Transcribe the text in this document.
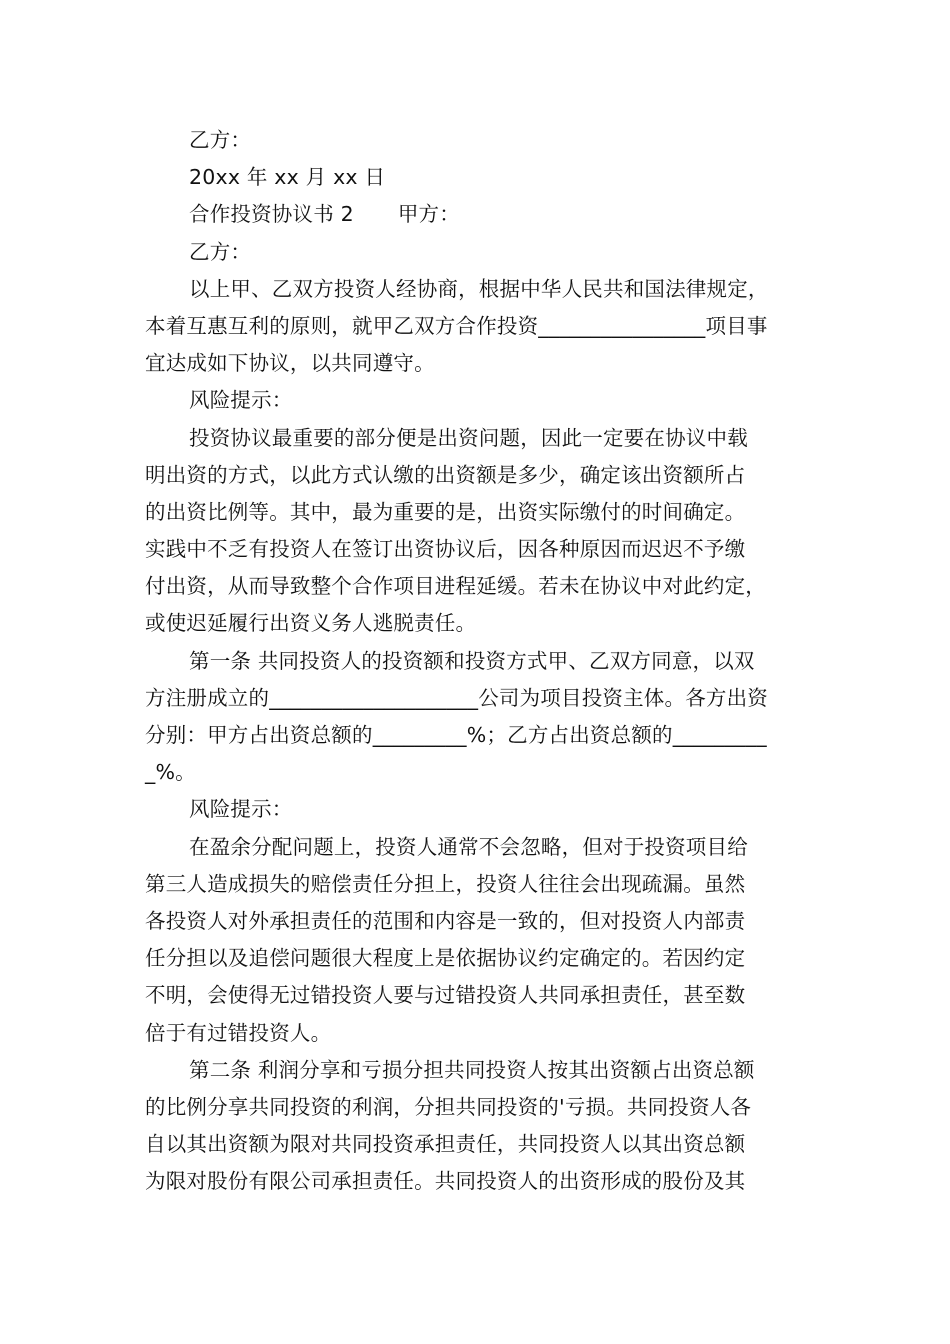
乙方：
20xx 年 xx 月 xx 日
合作投资协议书 2 甲方：
乙方：
以上甲、乙双方投资人经协商，根据中华人民共和国法律规定，
本着互惠互利的原则，就甲乙双方合作投资________________项目事
宜达成如下协议，以共同遵守。
风险提示：
投资协议最重要的部分便是出资问题，因此一定要在协议中载
明出资的方式，以此方式认缴的出资额是多少，确定该出资额所占
的出资比例等。其中，最为重要的是，出资实际缴付的时间确定。
实践中不乏有投资人在签订出资协议后，因各种原因而迟迟不予缴
付出资，从而导致整个合作项目进程延缓。若未在协议中对此约定，
或使迟延履行出资义务人逃脱责任。
第一条 共同投资人的投资额和投资方式甲、乙双方同意，以双
方注册成立的____________________公司为项目投资主体。各方出资
分别：甲方占出资总额的_________%；乙方占出资总额的_________
_%。
风险提示：
在盈余分配问题上，投资人通常不会忽略，但对于投资项目给
第三人造成损失的赔偿责任分担上，投资人往往会出现疏漏。虽然
各投资人对外承担责任的范围和内容是一致的，但对投资人内部责
任分担以及追偿问题很大程度上是依据协议约定确定的。若因约定
不明，会使得无过错投资人要与过错投资人共同承担责任，甚至数
倍于有过错投资人。
第二条 利润分享和亏损分担共同投资人按其出资额占出资总额
的比例分享共同投资的利润，分担共同投资的'亏损。共同投资人各
自以其出资额为限对共同投资承担责任，共同投资人以其出资总额
为限对股份有限公司承担责任。共同投资人的出资形成的股份及其
